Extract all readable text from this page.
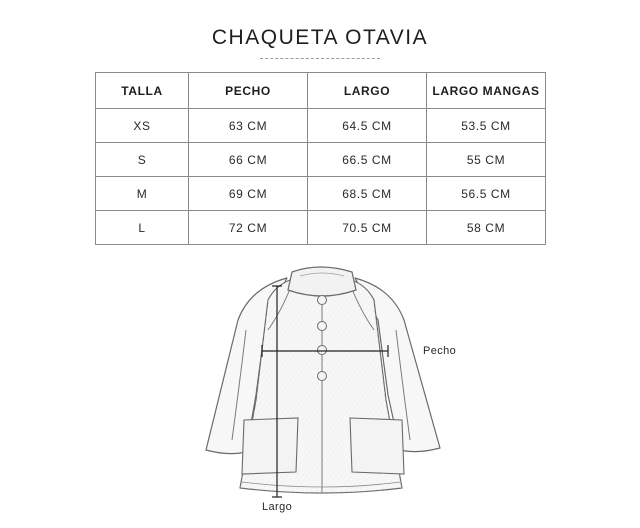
CHAQUETA OTAVIA
TALLA	PECHO	LARGO	LARGO MANGAS
XS	63 CM	64.5 CM	53.5 CM
S	66 CM	66.5 CM	55 CM
M	69 CM	68.5 CM	56.5 CM
L	72 CM	70.5 CM	58 CM
Pecho
Largo
